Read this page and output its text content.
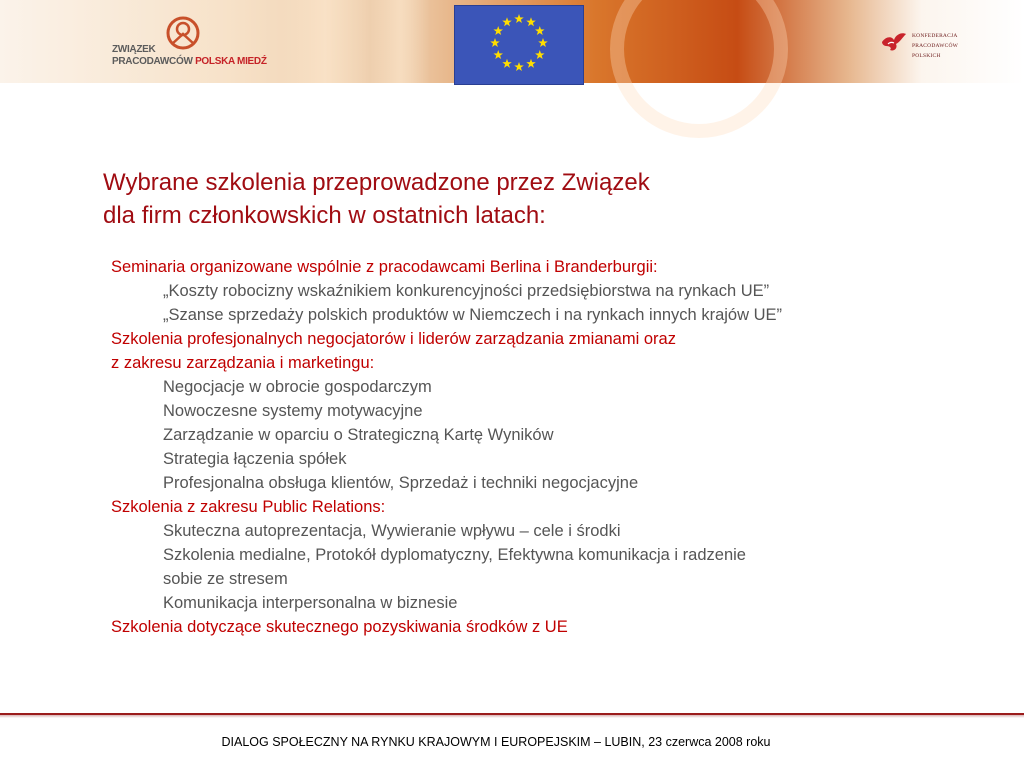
ZWIĄZEK
PRACODAWCÓW POLSKA MIEDŹ
KONFEDERACJA
PRACODAWCÓW
POLSKICH
Wybrane szkolenia przeprowadzone przez Związek
dla firm członkowskich w ostatnich latach:

Seminaria organizowane wspólnie z pracodawcami Berlina i Branderburgii:

„Koszty robocizny wskaźnikiem konkurencyjności przedsiębiorstwa na rynkach UE”

„Szanse sprzedaży polskich produktów w Niemczech i na rynkach innych krajów UE”

Szkolenia profesjonalnych negocjatorów i liderów zarządzania zmianami oraz

z zakresu zarządzania i marketingu:

Negocjacje w obrocie gospodarczym

Nowoczesne systemy motywacyjne

Zarządzanie w oparciu o Strategiczną Kartę Wyników

Strategia łączenia spółek

Profesjonalna obsługa klientów, Sprzedaż i techniki negocjacyjne

Szkolenia z zakresu Public Relations:

Skuteczna autoprezentacja, Wywieranie wpływu – cele i środki

Szkolenia medialne, Protokół dyplomatyczny, Efektywna komunikacja i radzenie

sobie ze stresem

Komunikacja interpersonalna w biznesie

Szkolenia dotyczące skutecznego pozyskiwania środków z UE

DIALOG SPOŁECZNY NA RYNKU KRAJOWYM I EUROPEJSKIM – LUBIN, 23 czerwca 2008 roku
